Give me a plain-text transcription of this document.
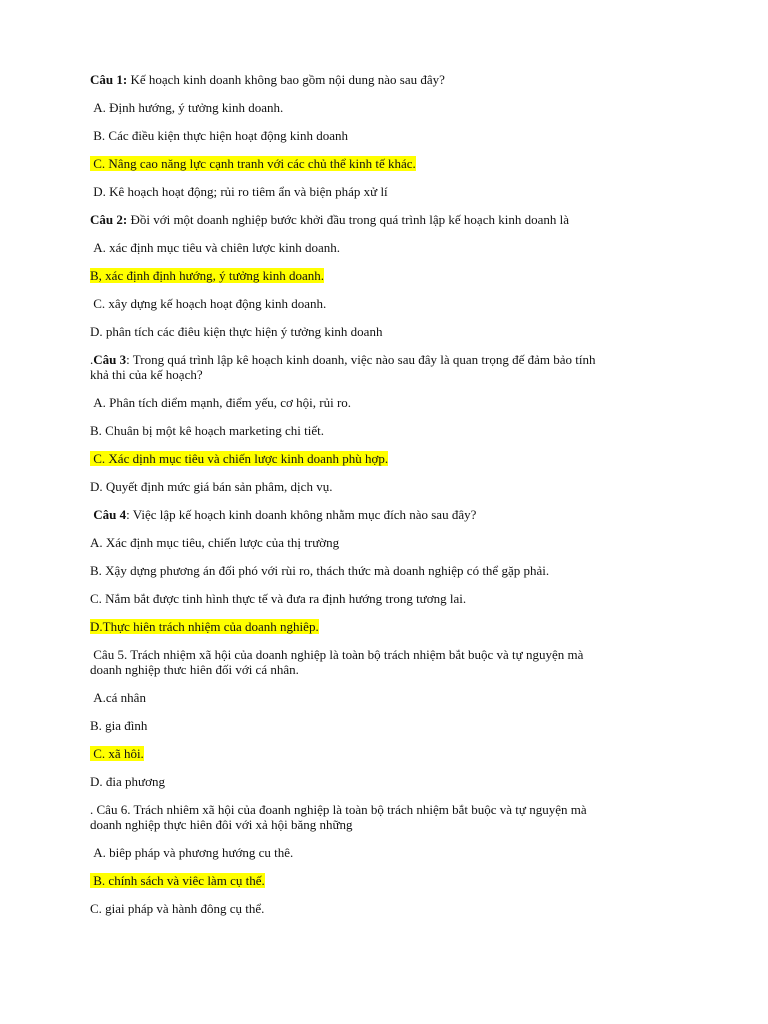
Câu 1: Kế hoạch kinh doanh không bao gồm nội dung nào sau đây?
A. Định hướng, ý tưởng kinh doanh.
B. Các điều kiện thực hiện hoạt động kinh doanh
C. Nâng cao năng lực cạnh tranh với các chủ thể kinh tế khác.
D. Kê hoạch hoạt động; rủi ro tiêm ẩn và biện pháp xử lí
Câu 2: Đồi với một doanh nghiệp bước khởi đầu trong quá trình lập kế hoạch kinh doanh là
A. xác định mục tiêu và chiên lược kinh doanh.
B, xác định định hướng, ý tưởng kinh doanh.
C. xây dựng kế hoạch hoạt động kinh doanh.
D. phân tích các điêu kiện thực hiện ý tưởng kinh doanh
.Câu 3: Trong quá trình lập kê hoạch kinh doanh, việc nào sau đây là quan trọng đế đảm bảo tính khả thi của kế hoạch?
A. Phân tích diểm mạnh, điểm yếu, cơ hội, rủi ro.
B. Chuân bị một kê hoạch marketing chi tiết.
C. Xác dịnh mục tiêu và chiến lược kinh doanh phù hợp.
D. Quyết định mức giá bán sản phâm, dịch vụ.
Câu 4: Việc lập kế hoạch kinh doanh không nhằm mục đích nào sau đây?
A. Xác định mục tiêu, chiến lược của thị trường
B. Xậy dựng phương án đối phó với rùi ro, thách thức mà doanh nghiệp có thể gặp phải.
C. Nắm bắt được tinh hình thực tế và đưa ra định hướng trong tương lai.
D.Thực hiên trách nhiệm của doanh nghiêp.
Câu 5. Trách nhiệm xã hội của doanh nghiệp là toàn bộ trách nhiệm bắt buộc và tự nguyện mà doanh nghiệp thưc hiên đối với cá nhân.
A.cá nhân
B. gia đình
C. xã hôi.
D. đia phương
. Câu 6. Trách nhiêm xã hội của đoanh nghiệp là toàn bộ trách nhiệm bắt buộc và tự nguyện mà doanh nghiệp thực hiên đôi với xả hội băng những
A. biêp pháp và phương hướng cu thê.
B. chính sách và viêc làm cụ thế.
C. giai pháp và hành đông cụ thể.
